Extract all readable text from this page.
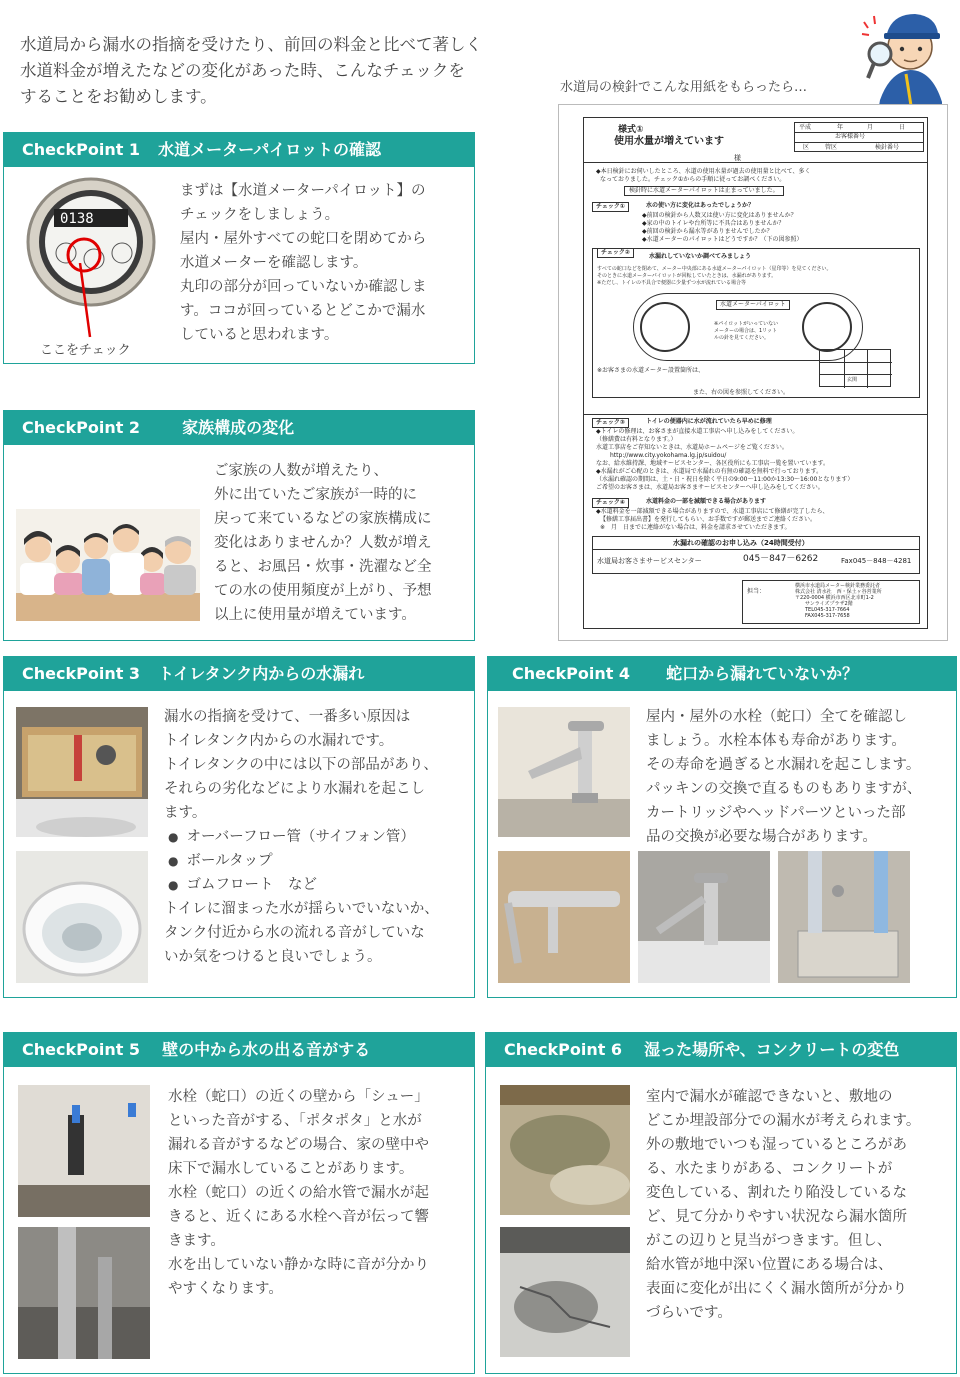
水道局から漏水の指摘を受けたり、前回の料金と比べて著しく
水道料金が増えたなどの変化があった時、こんなチェックを
することをお勧めします。	水道局の検針でこんな用紙をもらったら…
様式①
使用水量が増えています
様
平成	年	月	日
お客様番号
区	管区	検針番号
◆本日検針にお伺いしたところ、水道の使用水量が過去の使用量と比べて、多く
なっておりました。チェック①からの手順に従ってお調べください。
検針時に水道メーターパイロットは止まっていました。
チェック①	水の使い方に変化はあったでしょうか？
◆前回の検針から人数又は使い方に変化はありませんか？
◆家の中のトイレや台所等に不具合はありませんか？
◆前回の検針から漏水等がありませんでしたか？
◆水道メーターのパイロットはどうですか？（下の図参照）
チェック②
水漏れしていないか調べてみましょう
すべての蛇口などを閉めて、メーター中央部にある水道メーターパイロット（星印等）を見てください。
そのときに水道メーターパイロットが回転していたときは、水漏れがあります。
※ただし、トイレの不具合で便器に少量ずつ水が流れている場合等
水道メーターパイロット
※パイロットがいっていない
メーターの場合は、1リット
ルの針を見てください。
※お客さまの水道メーター設置箇所は、
また、右の図を参照してください。
玄関
チェック③	トイレの便器内に水が流れていたら早めに修理
◆トイレの修理は、お客さまが直接水道工事店へ申し込みをしてください。
（修繕費は有料となります。）
水道工事店をご存知ないときは、水道局ホームページをご覧ください。
http://www.city.yokohama.lg.jp/suidou/
なお、給水維持課、地域サービスセンター、各区役所にも工事店一覧を置いています。
◆水漏れがご心配のときは、水道局で水漏れの有無の確認を無料で行っております。
（水漏れ確認の期間は、土・日・祝日を除く平日の9:00〜11:00か13:30〜16:00となります）
ご希望のお客さまは、水道局お客さまサービスセンターへ申し込みをしてください。
チェック④	水道料金の一部を減額できる場合があります
◆水道料金を一部減額できる場合がありますので、水道工事店にて修繕が完了したら、
【修繕工事届出書】を発行してもらい、お手数ですが郵送までご連絡ください。
※　月　日までに連絡がない場合は、料金を請求させていただきます。
水漏れの確認のお申し込み（24時間受付）
水道局お客さまサービスセンター	045－847－6262	Fax045－848－4281
担当：
横浜市水道局メーター検針業務委託者
株式会社 清水社　西・保土ヶ谷営業所
〒220-0004 横浜市西区北幸町1-2
サンライズプラザ2階
TEL045-317-7664
FAX045-317-7658
CheckPoint 1 水道メーターパイロットの確認
0138
ここをチェック
まずは【水道メーターパイロット】の
チェックをしましょう。
屋内・屋外すべての蛇口を閉めてから
水道メーターを確認します。
丸印の部分が回っていないか確認しま
す。ココが回っているとどこかで漏水
していると思われます。
CheckPoint 2	家族構成の変化
ご家族の人数が増えたり、
外に出ていたご家族が一時的に
戻って来ているなどの家族構成に
変化はありませんか？人数が増え
ると、お風呂・炊事・洗濯など全
ての水の使用頻度が上がり、予想
以上に使用量が増えています。
CheckPoint 3 トイレタンク内からの水漏れ
漏水の指摘を受けて、一番多い原因は
トイレタンク内からの水漏れです。
トイレタンクの中には以下の部品があり、
それらの劣化などにより水漏れを起こし
ます。
● オーバーフロー管（サイフォン管）
● ボールタップ
● ゴムフロート　など
トイレに溜まった水が揺らいでいないか、
タンク付近から水の流れる音がしていな
いか気をつけると良いでしょう。
CheckPoint 4 蛇口から漏れていないか？
屋内・屋外の水栓（蛇口）全てを確認し
ましょう。水栓本体も寿命があります。
その寿命を過ぎると水漏れを起こします。
パッキンの交換で直るものもありますが、
カートリッジやヘッドパーツといった部
品の交換が必要な場合があります。
CheckPoint 5 壁の中から水の出る音がする
水栓（蛇口）の近くの壁から「シュー」
といった音がする、「ポタポタ」と水が
漏れる音がするなどの場合、家の壁中や
床下で漏水していることがあります。
水栓（蛇口）の近くの給水管で漏水が起
きると、近くにある水栓へ音が伝って響
きます。
水を出していない静かな時に音が分かり
やすくなります。
CheckPoint 6 湿った場所や、コンクリートの変色
室内で漏水が確認できないと、敷地の
どこか埋設部分での漏水が考えられます。
外の敷地でいつも湿っているところがあ
る、水たまりがある、コンクリートが
変色している、割れたり陥没しているな
ど、見て分かりやすい状況なら漏水箇所
がこの辺りと見当がつきます。但し、
給水管が地中深い位置にある場合は、
表面に変化が出にくく漏水箇所が分かり
づらいです。
